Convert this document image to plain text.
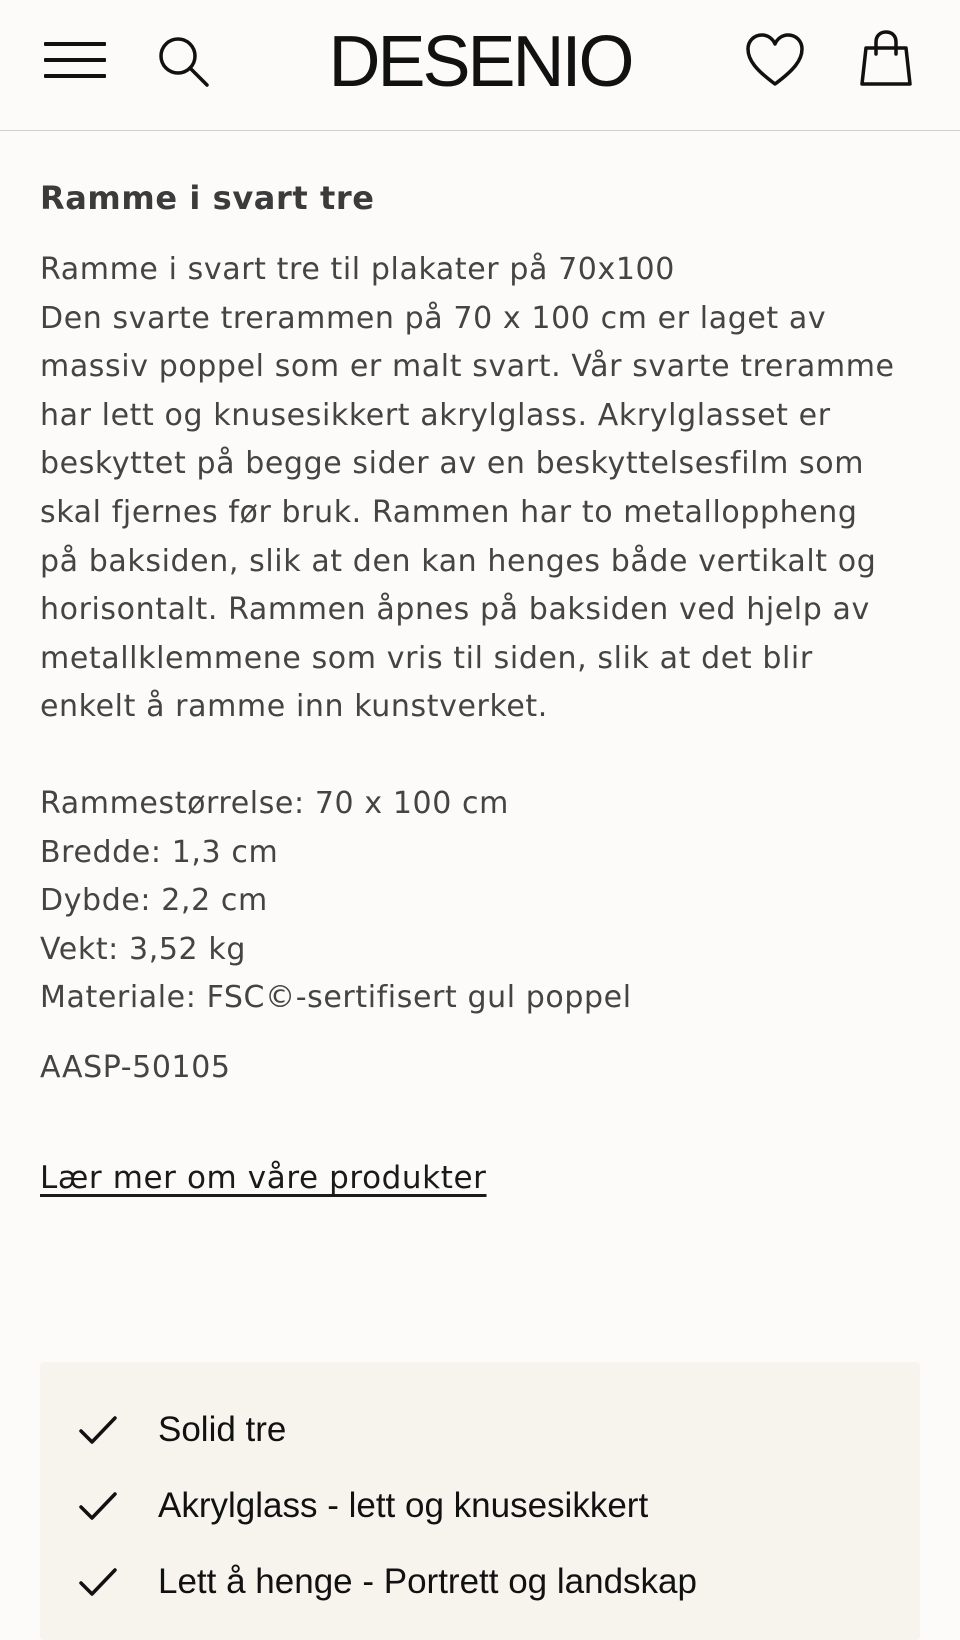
DESENIO
Ramme i svart tre
Ramme i svart tre til plakater på 70x100
Den svarte trerammen på 70 x 100 cm er laget av
massiv poppel som er malt svart. Vår svarte treramme
har lett og knusesikkert akrylglass. Akrylglasset er
beskyttet på begge sider av en beskyttelsesfilm som
skal fjernes før bruk. Rammen har to metalloppheng
på baksiden, slik at den kan henges både vertikalt og
horisontalt. Rammen åpnes på baksiden ved hjelp av
metallklemmene som vris til siden, slik at det blir
enkelt å ramme inn kunstverket.
Rammestørrelse: 70 x 100 cm
Bredde: 1,3 cm
Dybde: 2,2 cm
Vekt: 3,52 kg
Materiale: FSC©-sertifisert gul poppel
AASP-50105
Lær mer om våre produkter
Solid tre
Akrylglass - lett og knusesikkert
Lett å henge - Portrett og landskap
